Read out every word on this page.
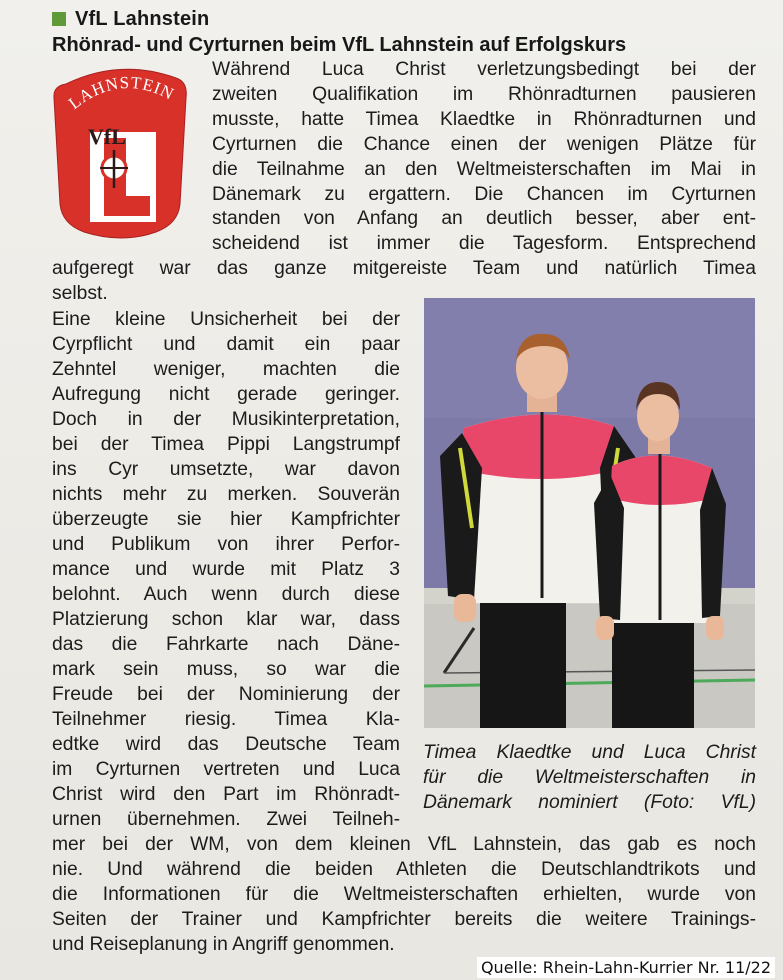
VfL Lahnstein
Rhönrad- und Cyrturnen beim VfL Lahnstein auf Erfolgskurs
LAHNSTEIN
VfL

Während Luca Christ verletzungsbedingt bei der

zweiten Qualifikation im Rhönradturnen pausieren

musste, hatte Timea Klaedtke in Rhönradturnen und

Cyrturnen die Chance einen der wenigen Plätze für

die Teilnahme an den Weltmeisterschaften im Mai in

Dänemark zu ergattern. Die Chancen im Cyrturnen

standen von Anfang an deutlich besser, aber ent-

scheidend ist immer die Tagesform. Entsprechend

aufgeregt war das ganze mitgereiste Team und natürlich Timea

selbst.

Eine kleine Unsicherheit bei der

Cyrpflicht und damit ein paar

Zehntel weniger, machten die

Aufregung nicht gerade geringer.

Doch in der Musikinterpretation,

bei der Timea Pippi Langstrumpf

ins Cyr umsetzte, war davon

nichts mehr zu merken. Souverän

überzeugte sie hier Kampfrichter

und Publikum von ihrer Perfor-

mance und wurde mit Platz 3

belohnt. Auch wenn durch diese

Platzierung schon klar war, dass

das die Fahrkarte nach Däne-

mark sein muss, so war die

Freude bei der Nominierung der

Teilnehmer riesig. Timea Kla-

edtke wird das Deutsche Team

im Cyrturnen vertreten und Luca

Christ wird den Part im Rhönradt-

urnen übernehmen. Zwei Teilneh-

mer bei der WM, von dem kleinen VfL Lahnstein, das gab es noch

nie. Und während die beiden Athleten die Deutschlandtrikots und

die Informationen für die Weltmeisterschaften erhielten, wurde von

Seiten der Trainer und Kampfrichter bereits die weitere Trainings-

und Reiseplanung in Angriff genommen.

Timea Klaedtke und Luca Christ

für die Weltmeisterschaften in

Dänemark nominiert (Foto: VfL)

Quelle: Rhein-Lahn-Kurrier Nr. 11/22
